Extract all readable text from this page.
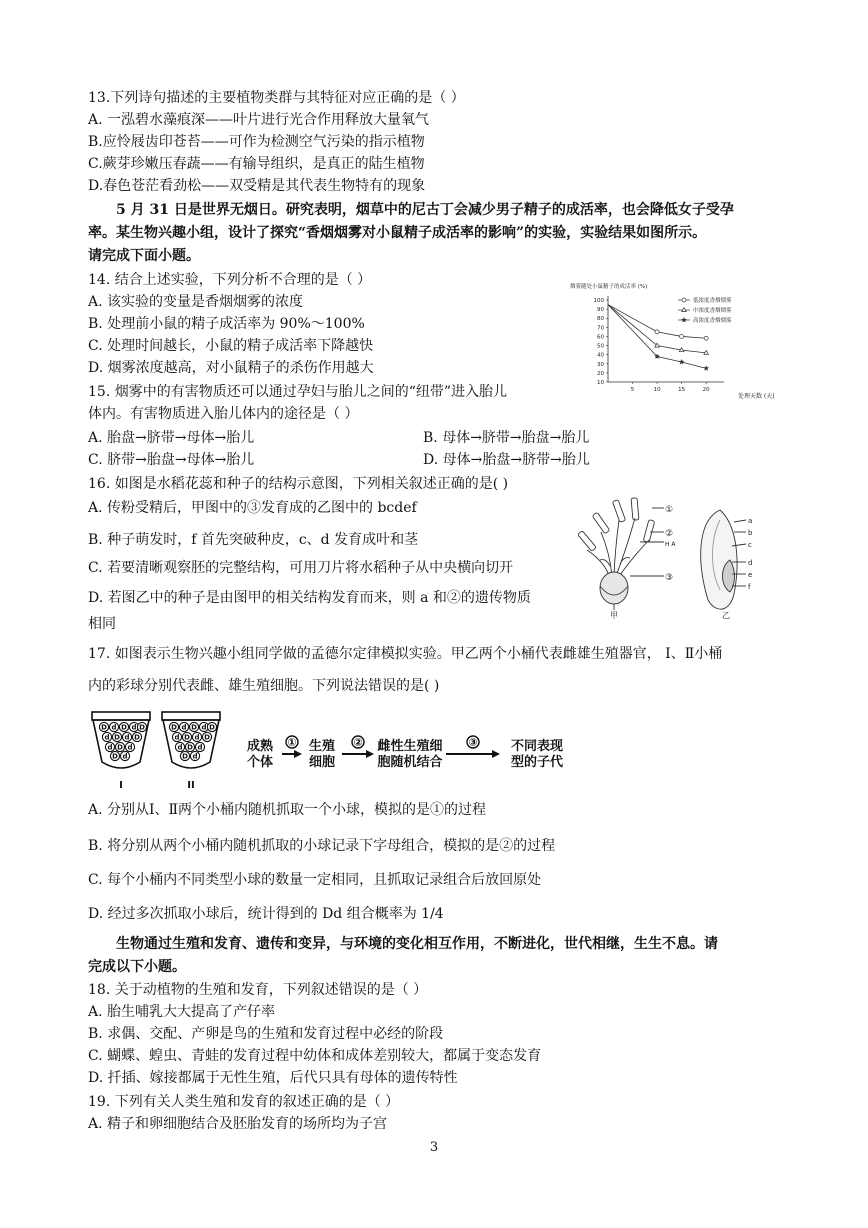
13.下列诗句描述的主要植物类群与其特征对应正确的是（ ）
A. 一泓碧水藻痕深——叶片进行光合作用释放大量氧气
B.应怜屐齿印苍苔——可作为检测空气污染的指示植物
C.蕨芽珍嫩压春蔬——有输导组织，是真正的陆生植物
D.春色苍茫看劲松——双受精是其代表生物特有的现象
5 月 31 日是世界无烟日。研究表明，烟草中的尼古丁会减少男子精子的成活率，也会降低女子受孕
率。某生物兴趣小组，设计了探究“香烟烟雾对小鼠精子成活率的影响”的实验，实验结果如图所示。
请完成下面小题。
14. 结合上述实验，下列分析不合理的是（ ）
A. 该实验的变量是香烟烟雾的浓度
B. 处理前小鼠的精子成活率为 90%～100%
C. 处理时间越长，小鼠的精子成活率下降越快
D. 烟雾浓度越高，对小鼠精子的杀伤作用越大
15. 烟雾中的有害物质还可以通过孕妇与胎儿之间的“纽带”进入胎儿
体内。有害物质进入胎儿体内的途径是（ ）
A. 胎盘→脐带→母体→胎儿	B. 母体→脐带→胎盘→胎儿
C. 脐带→胎盘→母体→胎儿	D. 母体→胎盘→脐带→胎儿
烟雾随处小鼠精子的成活率 (%)
10
20
30
40
50
60
70
80
90
100
5	10	15	20
低浓度香烟烟雾
中浓度香烟烟雾
高浓度香烟烟雾
处理天数 (天)
16. 如图是水稻花蕊和种子的结构示意图，下列相关叙述正确的是( )
A. 传粉受精后，甲图中的③发育成的乙图中的 bcdef
B. 种子萌发时，f 首先突破种皮，c、d 发育成叶和茎
C. 若要清晰观察胚的完整结构，可用刀片将水稻种子从中央横向切开
D. 若图乙中的种子是由图甲的相关结构发育而来，则 a 和②的遗传物质
相同
①
②
H A
③
甲
a
b
c
d
e
f
乙
17. 如图表示生物兴趣小组同学做的孟德尔定律模拟实验。甲乙两个小桶代表雌雄生殖器官， Ⅰ、Ⅱ小桶
内的彩球分别代表雌、雄生殖细胞。下列说法错误的是( )
D d D d D
d D d D
d D d
D d
I
D d D d D
d D d D
d D d
D d
II
成熟
个体
生殖
细胞
雌性生殖细
胞随机结合
不同表现
型的子代
①	②	③
A. 分别从Ⅰ、Ⅱ两个小桶内随机抓取一个小球，模拟的是①的过程
B. 将分别从两个小桶内随机抓取的小球记录下字母组合，模拟的是②的过程
C. 每个小桶内不同类型小球的数量一定相同，且抓取记录组合后放回原处
D. 经过多次抓取小球后，统计得到的 Dd 组合概率为 1/4
生物通过生殖和发育、遗传和变异，与环境的变化相互作用，不断进化，世代相继，生生不息。请
完成以下小题。
18. 关于动植物的生殖和发育，下列叙述错误的是（ ）
A. 胎生哺乳大大提高了产仔率
B. 求偶、交配、产卵是鸟的生殖和发育过程中必经的阶段
C. 蝴蝶、蝗虫、青蛙的发育过程中幼体和成体差别较大，都属于变态发育
D. 扦插、嫁接都属于无性生殖，后代只具有母体的遗传特性
19. 下列有关人类生殖和发育的叙述正确的是（ ）
A. 精子和卵细胞结合及胚胎发育的场所均为子宫
3
